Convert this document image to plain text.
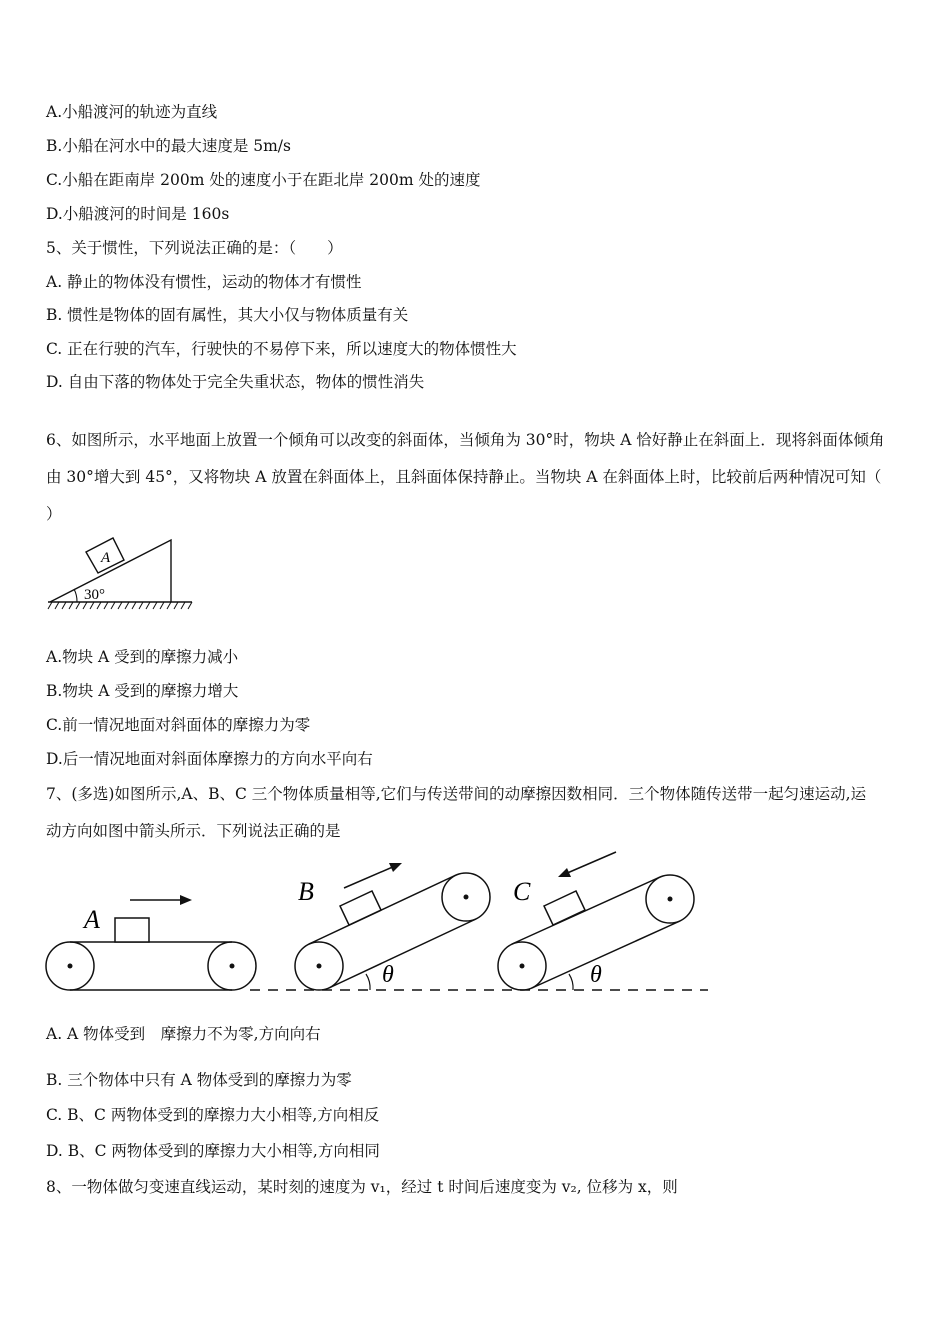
A.小船渡河的轨迹为直线
B.小船在河水中的最大速度是 5m/s
C.小船在距南岸 200m 处的速度小于在距北岸 200m 处的速度
D.小船渡河的时间是 160s
5、关于惯性，下列说法正确的是：（　　）
A. 静止的物体没有惯性，运动的物体才有惯性
B. 惯性是物体的固有属性，其大小仅与物体质量有关
C. 正在行驶的汽车，行驶快的不易停下来，所以速度大的物体惯性大
D. 自由下落的物体处于完全失重状态，物体的惯性消失
6、如图所示，水平地面上放置一个倾角可以改变的斜面体，当倾角为 30°时，物块 A 恰好静止在斜面上．现将斜面体倾角
由 30°增大到 45°，又将物块 A 放置在斜面体上，且斜面体保持静止。当物块 A 在斜面体上时，比较前后两种情况可知（
）
A
30°
A.物块 A 受到的摩擦力减小
B.物块 A 受到的摩擦力增大
C.前一情况地面对斜面体的摩擦力为零
D.后一情况地面对斜面体摩擦力的方向水平向右
7、(多选)如图所示,A、B、C 三个物体质量相等,它们与传送带间的动摩擦因数相同．三个物体随传送带一起匀速运动,运
动方向如图中箭头所示．下列说法正确的是
A
B
θ
C
θ
A. A 物体受到　摩擦力不为零,方向向右
B. 三个物体中只有 A 物体受到的摩擦力为零
C. B、C 两物体受到的摩擦力大小相等,方向相反
D. B、C 两物体受到的摩擦力大小相等,方向相同
8、一物体做匀变速直线运动，某时刻的速度为 v₁，经过 t 时间后速度变为 v₂, 位移为 x，则
